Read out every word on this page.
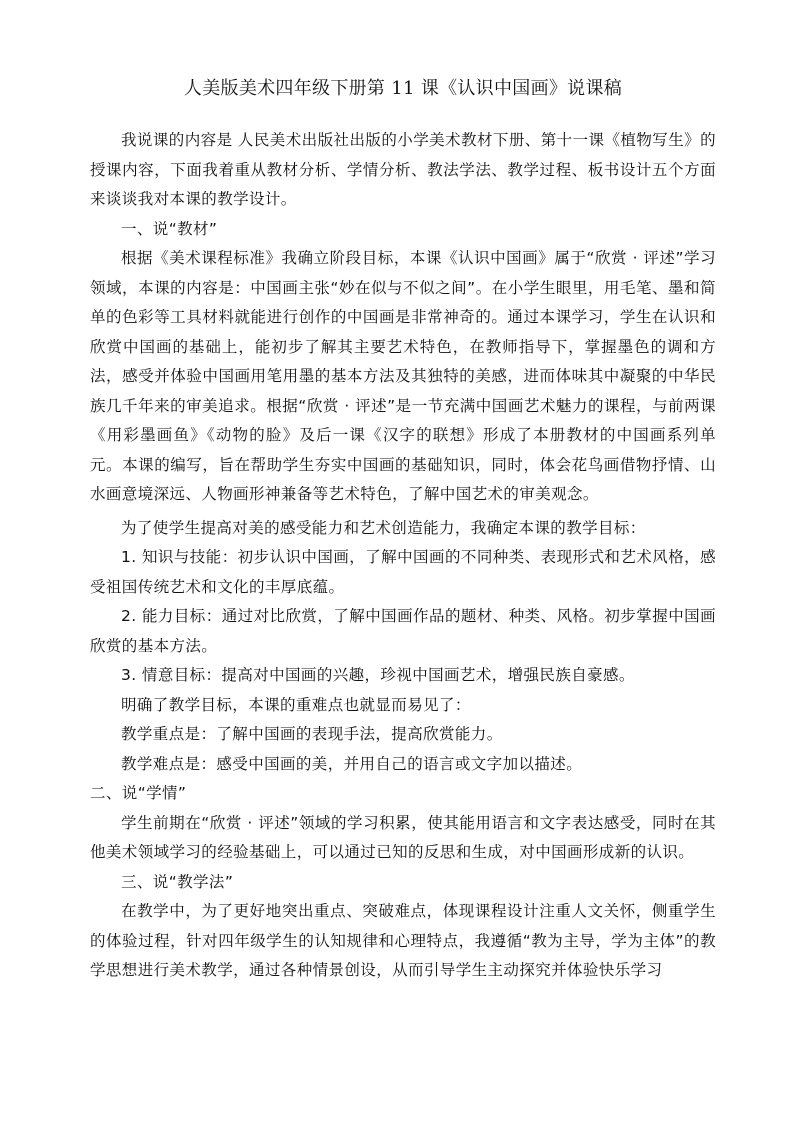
人美版美术四年级下册第 11 课《认识中国画》说课稿

我说课的内容是 人民美术出版社出版的小学美术教材下册、第十一课《植物写生》的授课内容，下面我着重从教材分析、学情分析、教法学法、教学过程、板书设计五个方面来谈谈我对本课的教学设计。

一、说“教材”

根据《美术课程标准》我确立阶段目标，本课《认识中国画》属于“欣赏 · 评述”学习领域，本课的内容是：中国画主张“妙在似与不似之间”。在小学生眼里，用毛笔、墨和简单的色彩等工具材料就能进行创作的中国画是非常神奇的。通过本课学习，学生在认识和欣赏中国画的基础上，能初步了解其主要艺术特色，在教师指导下，掌握墨色的调和方法，感受并体验中国画用笔用墨的基本方法及其独特的美感，进而体味其中凝聚的中华民族几千年来的审美追求。根据“欣赏 · 评述”是一节充满中国画艺术魅力的课程，与前两课《用彩墨画鱼》《动物的脸》及后一课《汉字的联想》形成了本册教材的中国画系列单元。本课的编写，旨在帮助学生夯实中国画的基础知识，同时，体会花鸟画借物抒情、山水画意境深远、人物画形神兼备等艺术特色，了解中国艺术的审美观念。

为了使学生提高对美的感受能力和艺术创造能力，我确定本课的教学目标：

1. 知识与技能：初步认识中国画，了解中国画的不同种类、表现形式和艺术风格，感受祖国传统艺术和文化的丰厚底蕴。

2. 能力目标：通过对比欣赏，了解中国画作品的题材、种类、风格。初步掌握中国画欣赏的基本方法。

3. 情意目标：提高对中国画的兴趣，珍视中国画艺术，增强民族自豪感。

明确了教学目标，本课的重难点也就显而易见了：

教学重点是：了解中国画的表现手法，提高欣赏能力。

教学难点是：感受中国画的美，并用自己的语言或文字加以描述。

二、说“学情”

学生前期在“欣赏 · 评述”领域的学习积累，使其能用语言和文字表达感受，同时在其他美术领域学习的经验基础上，可以通过已知的反思和生成，对中国画形成新的认识。

三、说“教学法”

在教学中，为了更好地突出重点、突破难点，体现课程设计注重人文关怀，侧重学生的体验过程，针对四年级学生的认知规律和心理特点，我遵循“教为主导，学为主体”的教学思想进行美术教学，通过各种情景创设，从而引导学生主动探究并体验快乐学习
